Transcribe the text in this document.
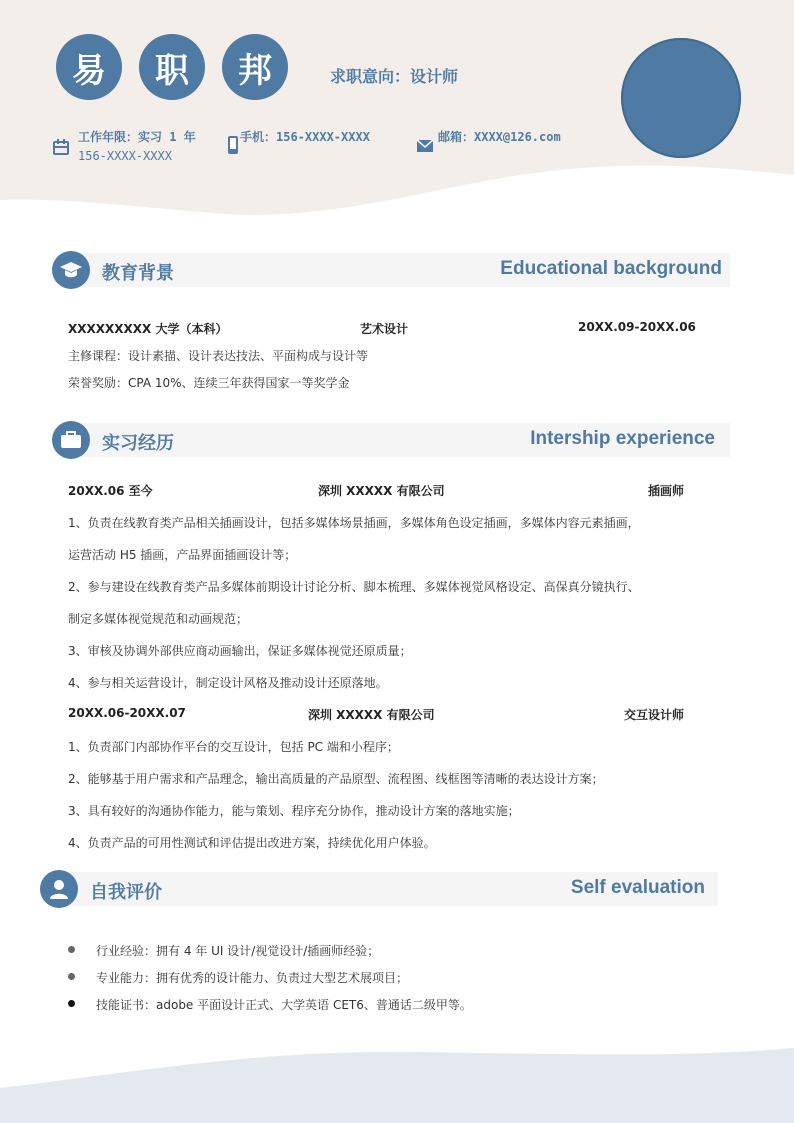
易	职	邦	求职意向：设计师
工作年限：实习 1 年
156-XXXX-XXXX
手机：156-XXXX-XXXX	邮箱：XXXX@126.com
教育背景	Educational background
XXXXXXXXX 大学（本科）	艺术设计	20XX.09-20XX.06
主修课程：设计素描、设计表达技法、平面构成与设计等
荣誉奖励：CPA 10%、连续三年获得国家一等奖学金
实习经历	Intership experience
20XX.06 至今	深圳 XXXXX 有限公司	插画师
1、负责在线教育类产品相关插画设计，包括多媒体场景插画，多媒体角色设定插画，多媒体内容元素插画，
运营活动 H5 插画，产品界面插画设计等；
2、参与建设在线教育类产品多媒体前期设计讨论分析、脚本梳理、多媒体视觉风格设定、高保真分镜执行、
制定多媒体视觉规范和动画规范；
3、审核及协调外部供应商动画输出，保证多媒体视觉还原质量；
4、参与相关运营设计，制定设计风格及推动设计还原落地。
20XX.06-20XX.07	深圳 XXXXX 有限公司	交互设计师
1、负责部门内部协作平台的交互设计，包括 PC 端和小程序；
2、能够基于用户需求和产品理念，输出高质量的产品原型、流程图、线框图等清晰的表达设计方案；
3、具有较好的沟通协作能力，能与策划、程序充分协作，推动设计方案的落地实施；
4、负责产品的可用性测试和评估提出改进方案，持续优化用户体验。
自我评价	Self evaluation
行业经验：拥有 4 年 UI 设计/视觉设计/插画师经验；
专业能力：拥有优秀的设计能力、负责过大型艺术展项目；
技能证书：adobe 平面设计正式、大学英语 CET6、普通话二级甲等。
